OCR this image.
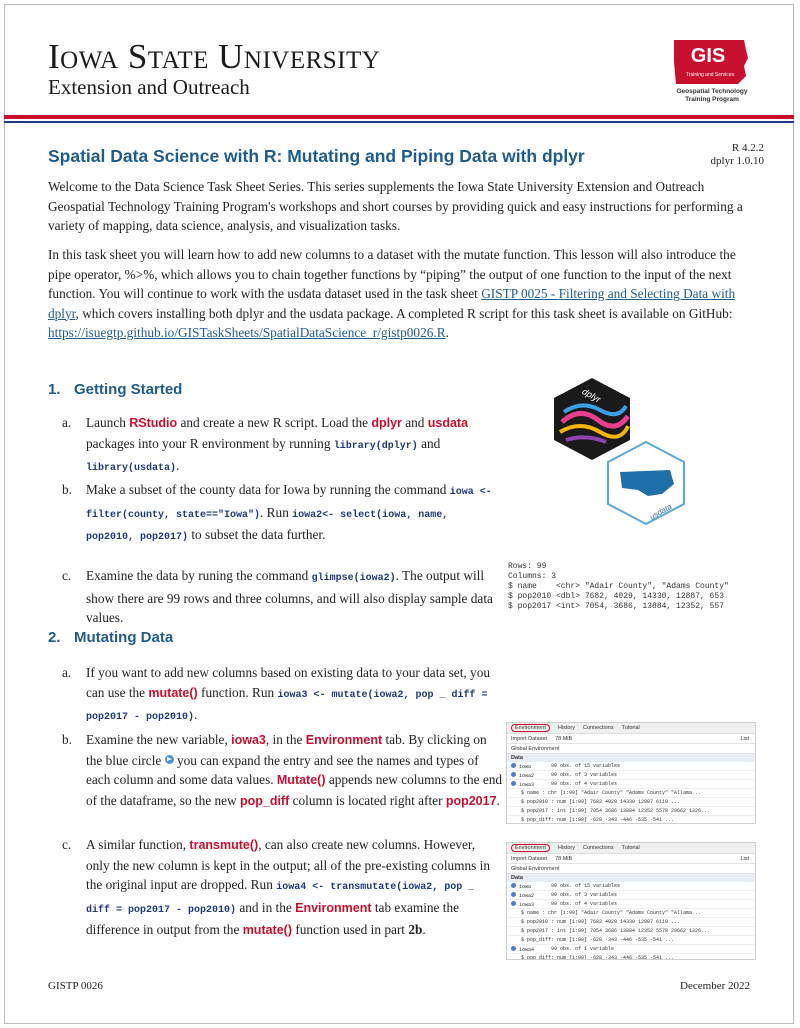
Iowa State University
Extension and Outreach
GIS
Training and Services
Geospatial Technology Training Program
Spatial Data Science with R: Mutating and Piping Data with dplyr	R 4.2.2
dplyr 1.0.10
Welcome to the Data Science Task Sheet Series. This series supplements the Iowa State University Extension and Outreach Geospatial Technology Training Program's workshops and short courses by providing quick and easy instructions for performing a variety of mapping, data science, analysis, and visualization tasks.
In this task sheet you will learn how to add new columns to a dataset with the mutate function. This lesson will also introduce the pipe operator, %>%, which allows you to chain together functions by “piping” the output of one function to the input of the next function. You will continue to work with the usdata dataset used in the task sheet GISTP 0025 - Filtering and Selecting Data with dplyr, which covers installing both dplyr and the usdata package. A completed R script for this task sheet is available on GitHub: https://isuegtp.github.io/GISTaskSheets/SpatialDataScience_r/gistp0026.R.
1. Getting Started
a. Launch RStudio and create a new R script. Load the dplyr and usdata packages into your R environment by running library(dplyr) and library(usdata).
b. Make a subset of the county data for Iowa by running the command iowa <- filter(county, state=="Iowa"). Run iowa2<- select(iowa, name, pop2010, pop2017) to subset the data further.
c. Examine the data by runing the command glimpse(iowa2). The output will show there are 99 rows and three columns, and will also display sample data values.
dplyr
usdata
Rows: 99
Columns: 3
$ name    <chr> "Adair County", "Adams County"
$ pop2010 <dbl> 7682, 4029, 14330, 12887, 653
$ pop2017 <int> 7054, 3686, 13884, 12352, 557
2. Mutating Data
a. If you want to add new columns based on existing data to your data set, you can use the mutate() function. Run iowa3 <- mutate(iowa2, pop _ diff = pop2017 - pop2010).
b. Examine the new variable, iowa3, in the Environment tab. By clicking on the blue circle  you can expand the entry and see the names and types of each column and some data values. Mutate() appends new columns to the end of the dataframe, so the new pop_diff column is located right after pop2017.
c. A similar function, transmute(), can also create new columns. However, only the new column is kept in the output; all of the pre-existing columns in the original input are dropped. Run iowa4 <- transmutate(iowa2, pop _ diff = pop2017 - pop2010) and in the Environment tab examine the difference in output from the mutate() function used in part 2b.
Environment	History Connections Tutorial
Import Dataset 78 MiB	List
Global Environment
Data
iowa	99 obs. of 15 variables
iowa2	99 obs. of 3 variables
iowa3	99 obs. of 4 variables
$ name : chr [1:99] "Adair County" "Adams County" "Allama...
$ pop2010 : num [1:99] 7682 4029 14330 12887 6119 ...
$ pop2017 : int [1:99] 7054 3686 13884 12352 5578 29662 1326...
$ pop_diff: num [1:99] -628 -343 -446 -535 -541 ...
Environment	History Connections Tutorial
Import Dataset 78 MiB	List
Global Environment
Data
iowa	99 obs. of 15 variables
iowa2	99 obs. of 3 variables
iowa3	99 obs. of 4 variables
$ name : chr [1:99] "Adair County" "Adams County" "Allama...
$ pop2010 : num [1:99] 7682 4029 14330 12887 6119 ...
$ pop2017 : int [1:99] 7054 3686 13884 12352 5578 29662 1326...
$ pop_diff: num [1:99] -628 -343 -446 -535 -541 ...
iowa4	99 obs. of 1 variable
$ pop_diff: num [1:99] -628 -343 -446 -535 -541 ...
GISTP 0026	December 2022
